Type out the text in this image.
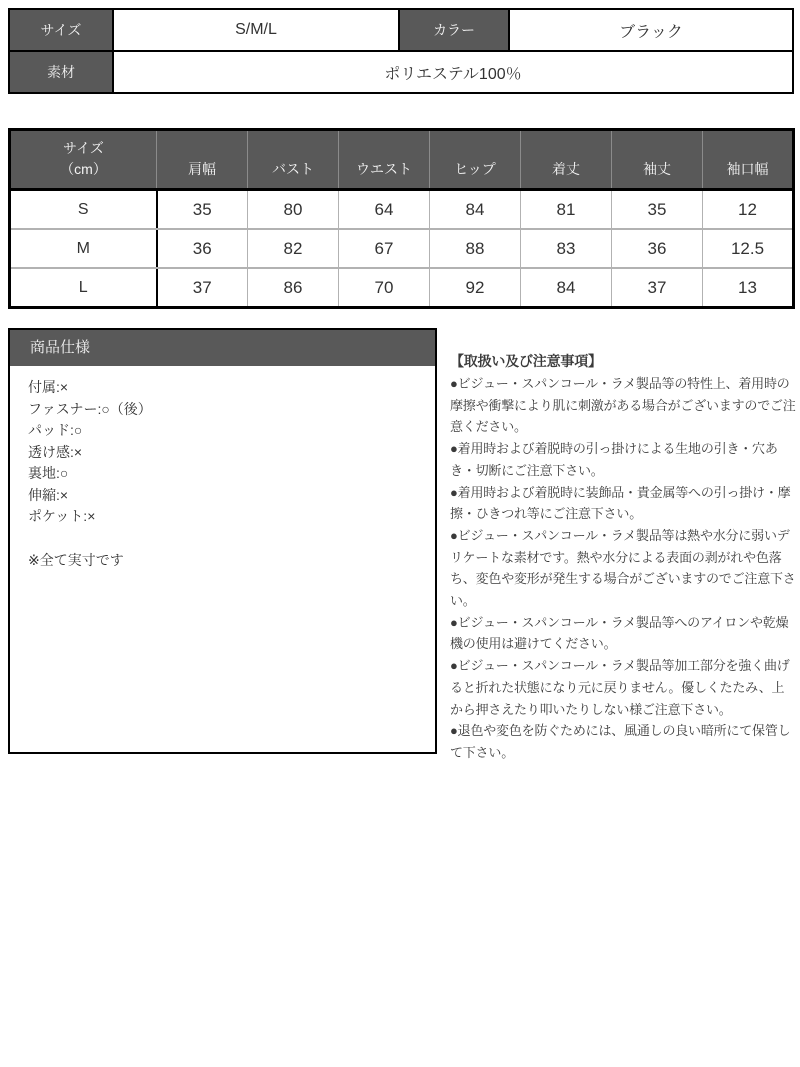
サイズ	S/M/L	カラー	ブラック
素材	ポリエステル100％		
サイズ
（cm）	肩幅	バスト	ウエスト	ヒップ	着丈	袖丈	袖口幅
S	35	80	64	84	81	35	12
M	36	82	67	88	83	36	12.5
L	37	86	70	92	84	37	13
商品仕様
付属:×
ファスナー:○（後）
パッド:○
透け感:×
裏地:○
伸縮:×
ポケット:×
※全て実寸です

【取扱い及び注意事項】

●ビジュー・スパンコール・ラメ製品等の特性上、着用時の摩擦や衝撃により肌に刺激がある場合がございますのでご注意ください。

●着用時および着脱時の引っ掛けによる生地の引き・穴あき・切断にご注意下さい。

●着用時および着脱時に装飾品・貴金属等への引っ掛け・摩擦・ひきつれ等にご注意下さい。

●ビジュー・スパンコール・ラメ製品等は熱や水分に弱いデリケートな素材です。熱や水分による表面の剥がれや色落ち、変色や変形が発生する場合がございますのでご注意下さい。

●ビジュー・スパンコール・ラメ製品等へのアイロンや乾燥機の使用は避けてください。

●ビジュー・スパンコール・ラメ製品等加工部分を強く曲げると折れた状態になり元に戻りません。優しくたたみ、上から押さえたり叩いたりしない様ご注意下さい。

●退色や変色を防ぐためには、風通しの良い暗所にて保管して下さい。
